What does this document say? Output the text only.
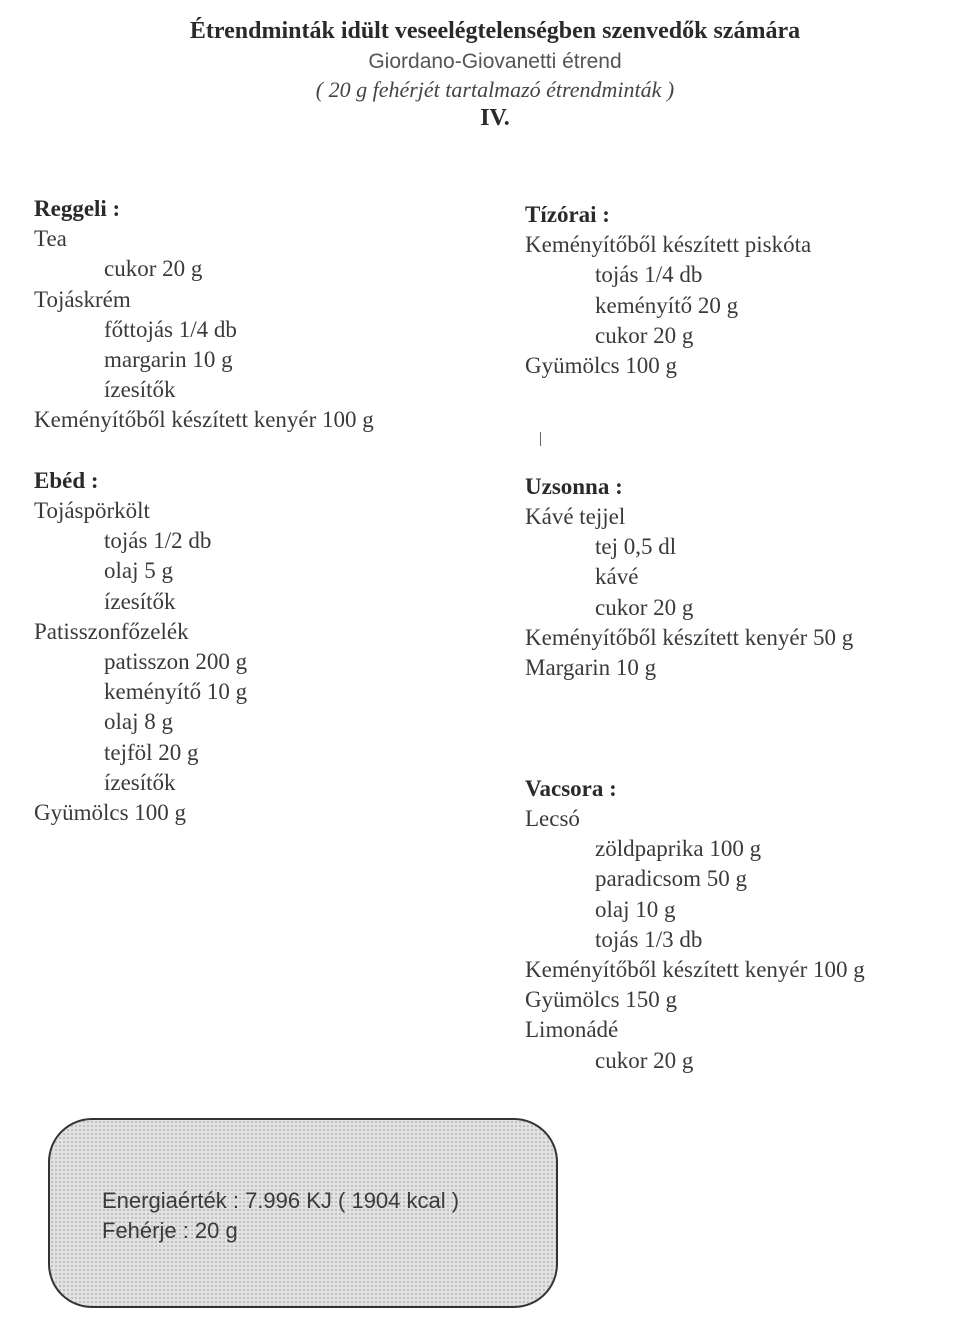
Étrendminták idült veseelégtelenségben szenvedők számára
Giordano-Giovanetti étrend
( 20 g fehérjét tartalmazó étrendminták )
IV.
Reggeli :
Tea
cukor 20 g
Tojáskrém
főttojás 1/4 db
margarin 10 g
ízesítők
Keményítőből készített kenyér 100 g
Ebéd :
Tojáspörkölt
tojás 1/2 db
olaj 5 g
ízesítők
Patisszonfőzelék
patisszon 200 g
keményítő 10 g
olaj 8 g
tejföl 20 g
ízesítők
Gyümölcs 100 g
Tízórai :
Keményítőből készített piskóta
tojás 1/4 db
keményítő 20 g
cukor 20 g
Gyümölcs 100 g
Uzsonna :
Kávé tejjel
tej 0,5 dl
kávé
cukor 20 g
Keményítőből készített kenyér 50 g
Margarin 10 g
Vacsora :
Lecsó
zöldpaprika 100 g
paradicsom 50 g
olaj 10 g
tojás 1/3 db
Keményítőből készített kenyér 100 g
Gyümölcs 150 g
Limonádé
cukor 20 g
Energiaérték : 7.996 KJ ( 1904 kcal )
Fehérje : 20 g
